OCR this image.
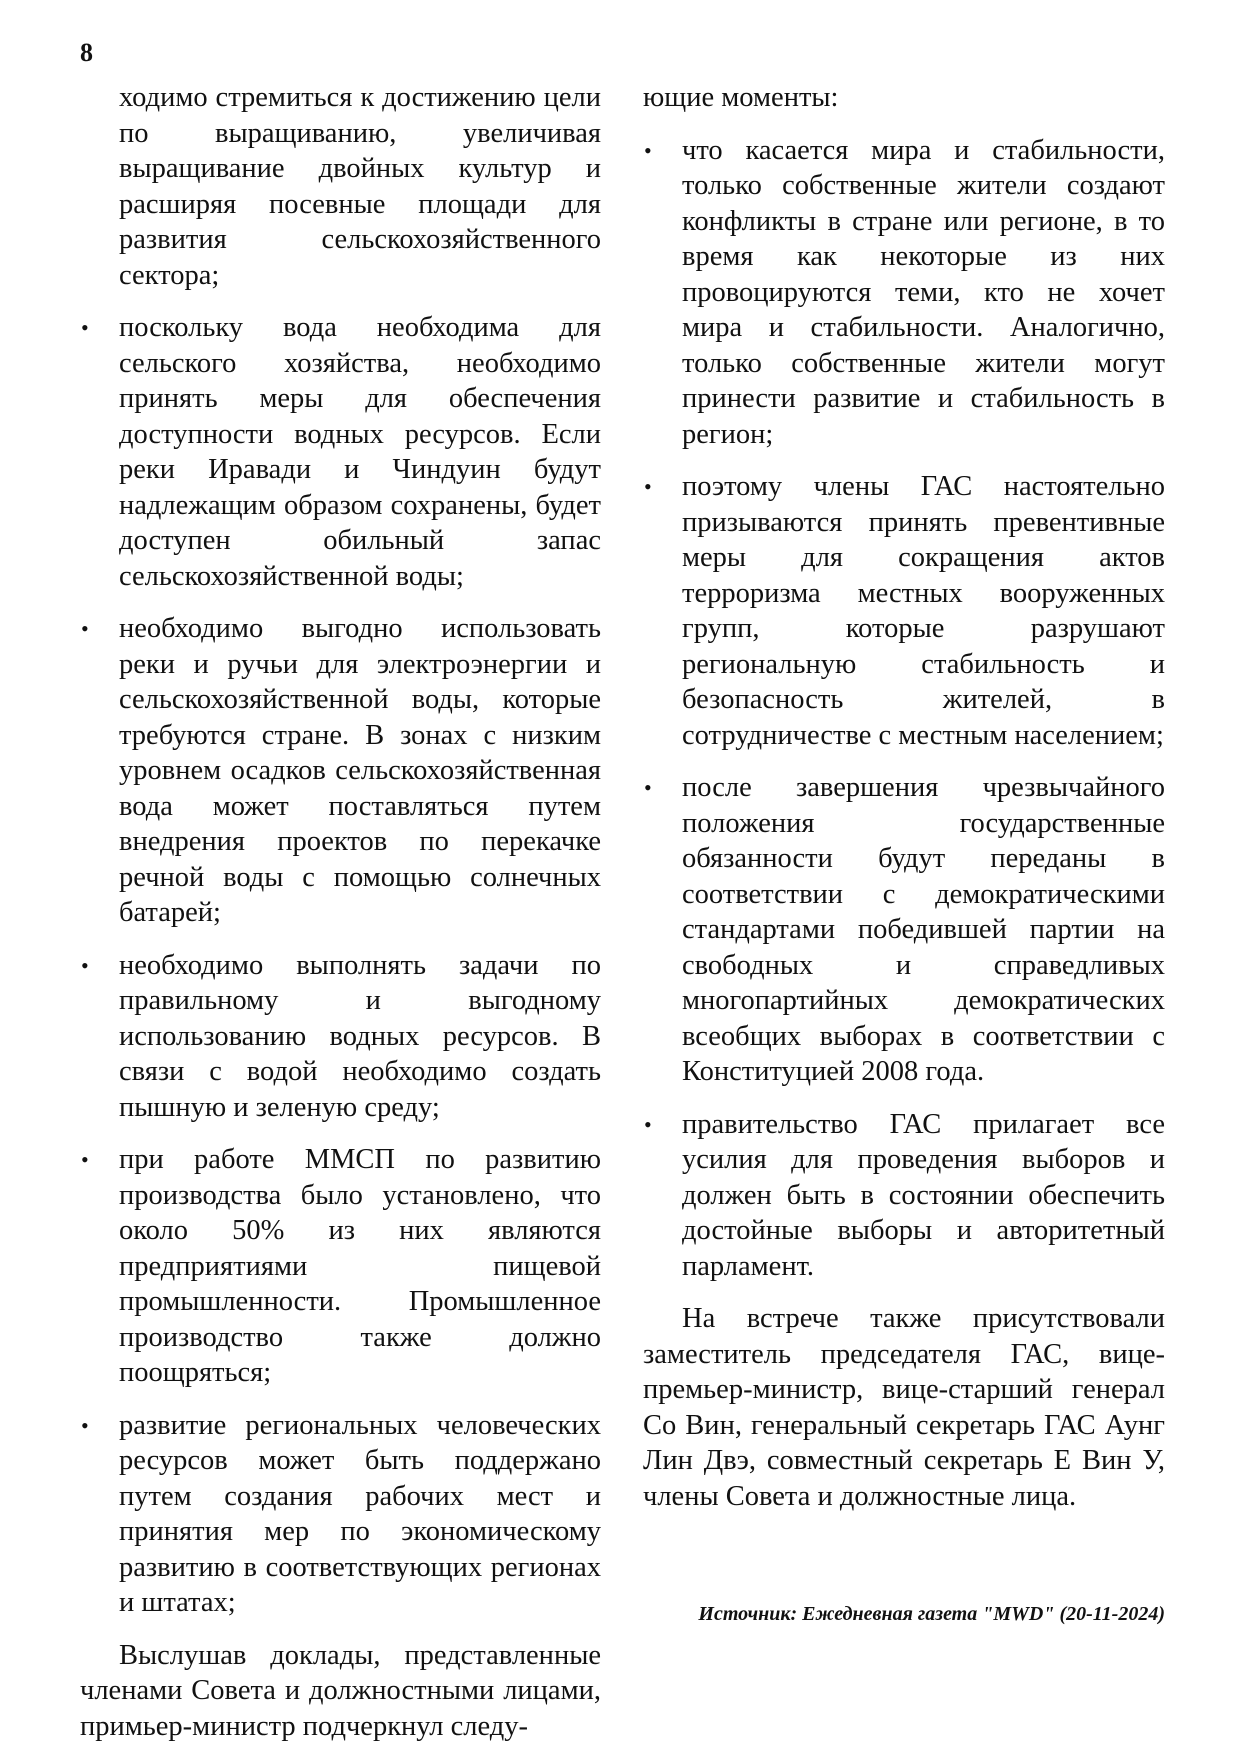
8

ходимо стремиться к достижению цели по выращиванию, увеличивая выращивание двойных культур и расширяя посевные площади для развития сельскохозяйственного сектора;

•	поскольку вода необходима для сельского хозяйства, необходимо принять меры для обеспечения доступности водных ресурсов. Если реки Иравади и Чиндуин будут надлежащим образом сохранены, будет доступен обильный запас сельскохозяйственной воды;
•	необходимо выгодно использовать реки и ручьи для электроэнергии и сельскохозяйственной воды, которые требуются стране. В зонах с низким уровнем осадков сельскохозяйственная вода может поставляться путем внедрения проектов по перекачке речной воды с помощью солнечных батарей;
•	необходимо выполнять задачи по правильному и выгодному использованию водных ресурсов. В связи с водой необходимо создать пышную и зеленую среду;
•	при работе ММСП по развитию производства было установлено, что около 50% из них являются предприятиями пищевой промышленности. Промышленное производство также должно поощряться;
•	развитие региональных человеческих ресурсов может быть поддержано путем создания рабочих мест и принятия мер по экономическому развитию в соответствующих регионах и штатах;

Выслушав доклады, представленные членами Совета и должностными лицами, примьер-министр подчеркнул следу-

ющие моменты:

•	что касается мира и стабильности, только собственные жители создают конфликты в стране или регионе, в то время как некоторые из них провоцируются теми, кто не хочет мира и стабильности. Аналогично, только собственные жители могут принести развитие и стабильность в регион;
•	поэтому члены ГАС настоятельно призываются принять превентивные меры для сокращения актов терроризма местных вооруженных групп, которые разрушают региональную стабильность и безопасность жителей, в сотрудничестве с местным населением;
•	после завершения чрезвычайного положения государственные обязанности будут переданы в соответствии с демократическими стандартами победившей партии на свободных и справедливых многопартийных демократических всеобщих выборах в соответствии с Конституцией 2008 года.
•	правительство ГАС прилагает все усилия для проведения выборов и должен быть в состоянии обеспечить достойные выборы и авторитетный парламент.

На встрече также присутствовали заместитель председателя ГАС, вице-премьер-министр, вице-старший генерал Со Вин, генеральный секретарь ГАС Аунг Лин Двэ, совместный секретарь Е Вин У, члены Совета и должностные лица.

Источник: Ежедневная газета "MWD" (20-11-2024)
